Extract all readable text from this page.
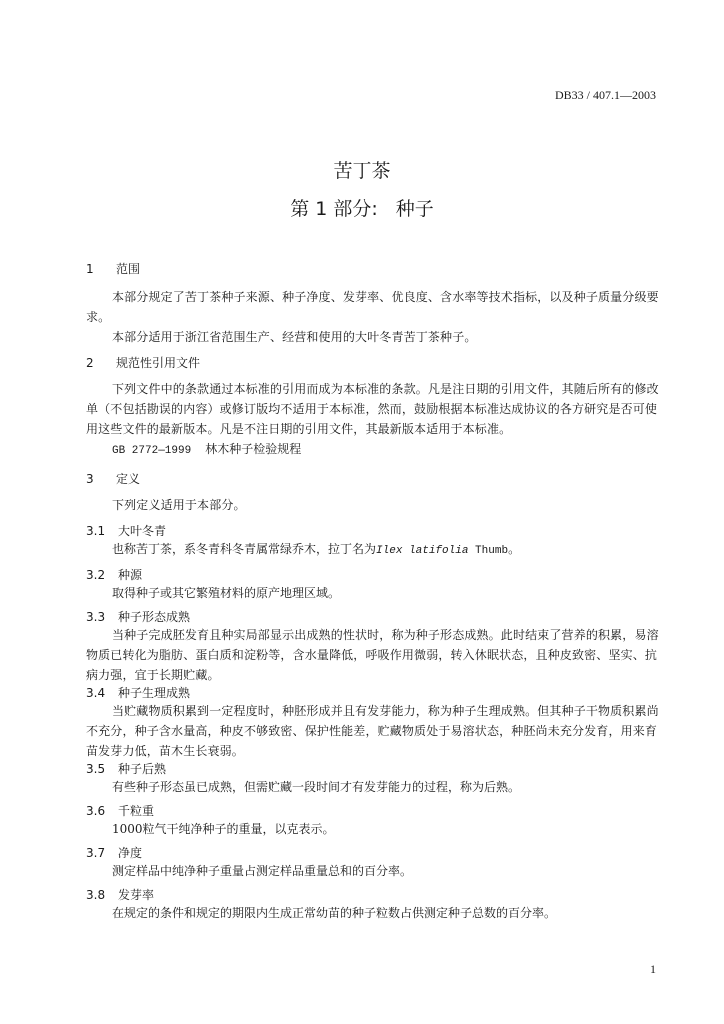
DB33 / 407.1—2003
苦丁茶
第 1 部分: 种子
1 范围
本部分规定了苦丁茶种子来源、种子净度、发芽率、优良度、含水率等技术指标，以及种子质量分级要求。
本部分适用于浙江省范围生产、经营和使用的大叶冬青苦丁茶种子。
2 规范性引用文件
下列文件中的条款通过本标准的引用而成为本标准的条款。凡是注日期的引用文件，其随后所有的修改单（不包括勘误的内容）或修订版均不适用于本标准，然而，鼓励根据本标准达成协议的各方研究是否可使用这些文件的最新版本。凡是不注日期的引用文件，其最新版本适用于本标准。
GB 2772—1999 林木种子检验规程
3 定义
下列定义适用于本部分。
3.1 大叶冬青
也称苦丁茶，系冬青科冬青属常绿乔木，拉丁名为Ilex latifolia Thumb。
3.2 种源
取得种子或其它繁殖材料的原产地理区域。
3.3 种子形态成熟
当种子完成胚发育且种实局部显示出成熟的性状时，称为种子形态成熟。此时结束了营养的积累，易溶物质已转化为脂肪、蛋白质和淀粉等，含水量降低，呼吸作用微弱，转入休眠状态，且种皮致密、坚实、抗病力强，宜于长期贮藏。
3.4 种子生理成熟
当贮藏物质积累到一定程度时，种胚形成并且有发芽能力，称为种子生理成熟。但其种子干物质积累尚不充分，种子含水量高，种皮不够致密、保护性能差，贮藏物质处于易溶状态，种胚尚未充分发育，用来育苗发芽力低，苗木生长衰弱。
3.5 种子后熟
有些种子形态虽已成熟，但需贮藏一段时间才有发芽能力的过程，称为后熟。
3.6 千粒重
1000粒气干纯净种子的重量，以克表示。
3.7 净度
测定样品中纯净种子重量占测定样品重量总和的百分率。
3.8 发芽率
在规定的条件和规定的期限内生成正常幼苗的种子粒数占供测定种子总数的百分率。
1
